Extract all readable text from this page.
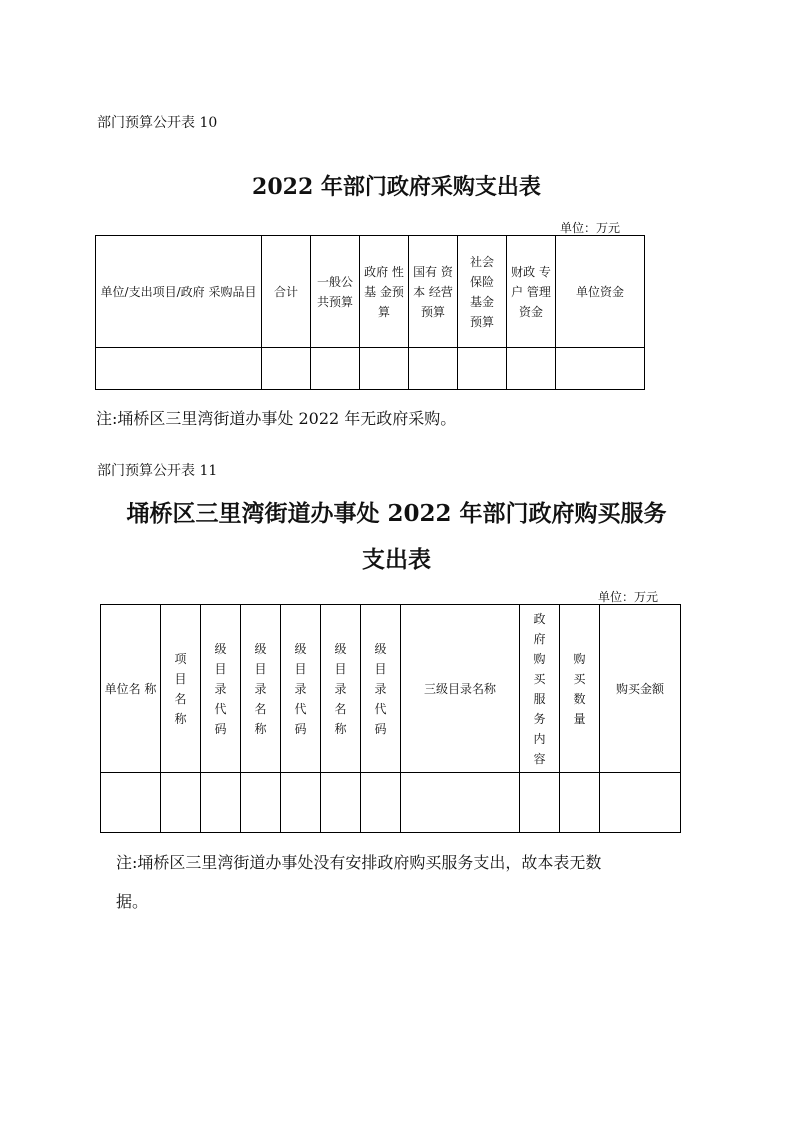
部门预算公开表 10
2022 年部门政府采购支出表
单位：万元
单位/支出项目/政府 采购品目	合计	一般公共预算	政府 性基 金预算	国有 资本 经营预算	社会保险基金预算	财政 专户 管理资金	单位资金

注:埇桥区三里湾街道办事处 2022 年无政府采购。
部门预算公开表 11
埇桥区三里湾街道办事处 2022 年部门政府购买服务
支出表
单位：万元
单位名 称	项目名称	级目录代码	级目录名称	级目录代码	级目录名称	级目录代码	三级目录名称	政府购买服务内容	购买数量	购买金额

注:埇桥区三里湾街道办事处没有安排政府购买服务支出，故本表无数
据。
